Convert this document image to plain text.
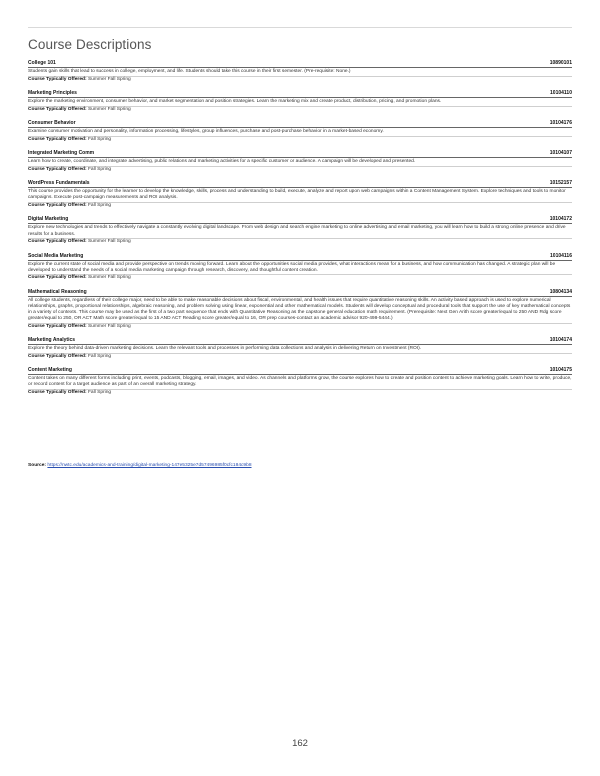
Course Descriptions
College 101	10890101
Students gain skills that lead to success in college, employment, and life. Students should take this course in their first semester. (Pre-requisite: None.)
Course Typically Offered: Summer Fall Spring
Marketing Principles	10104110
Explore the marketing environment, consumer behavior, and market segmentation and position strategies. Learn the marketing mix and create product, distribution, pricing, and promotion plans.
Course Typically Offered: Summer Fall Spring
Consumer Behavior	10104176
Examine consumer motivation and personality, information processing, lifestyles, group influences, purchase and post-purchase behavior in a market-based economy.
Course Typically Offered: Fall Spring
Integrated Marketing Comm	10104107
Learn how to create, coordinate, and integrate advertising, public relations and marketing activities for a specific customer or audience. A campaign will be developed and presented.
Course Typically Offered: Fall Spring
WordPress Fundamentals	10152157
This course provides the opportunity for the learner to develop the knowledge, skills, process and understanding to build, execute, analyze and report upon web campaigns within a Content Management System. Explore techniques and tools to monitor campaigns. Execute post-campaign measurements and ROI analysis.
Course Typically Offered: Fall Spring
Digital Marketing	10104172
Explore new technologies and trends to effectively navigate a constantly evolving digital landscape. From web design and search engine marketing to online advertising and email marketing, you will learn how to build a strong online presence and drive results for a business.
Course Typically Offered: Summer Fall Spring
Social Media Marketing	10104116
Explore the current state of social media and provide perspective on trends moving forward. Learn about the opportunities social media provides, what interactions mean for a business, and how communication has changed. A strategic plan will be developed to understand the needs of a social media marketing campaign through research, discovery, and thoughtful content creation.
Course Typically Offered: Summer Fall Spring
Mathematical Reasoning	10804134
All college students, regardless of their college major, need to be able to make reasonable decisions about fiscal, environmental, and health issues that require quantitative reasoning skills. An activity based approach is used to explore numerical relationships, graphs, proportional relationships, algebraic reasoning, and problem solving using linear, exponential and other mathematical models. Students will develop conceptual and procedural tools that support the use of key mathematical concepts in a variety of contexts. This course may be used as the first of a two part sequence that ends with Quantitative Reasoning as the capstone general education math requirement. (Prerequisite: Next Gen Arith score greater/equal to 250 AND Rdg score greater/equal to 250, OR ACT Math score greater/equal to 15 AND ACT Reading score greater/equal to 16, OR prep courses-contact an academic advisor 920-498-5444.)
Course Typically Offered: Summer Fall Spring
Marketing Analytics	10104174
Explore the theory behind data-driven marketing decisions. Learn the relevant tools and processes in performing data collections and analysis in delivering Return on Investment (ROI).
Course Typically Offered: Fall Spring
Content Marketing	10104175
Content takes on many different forms including print, events, podcasts, blogging, email, images, and video. As channels and platforms grow, the course explores how to create and position content to achieve marketing goals. Learn how to write, produce, or record content for a target audience as part of an overall marketing strategy.
Course Typically Offered: Fall Spring
Source: https://nwtc.edu/academics-and-training/digital-marketing-147e5325e7d57496985f0cfc184c9b8
162
